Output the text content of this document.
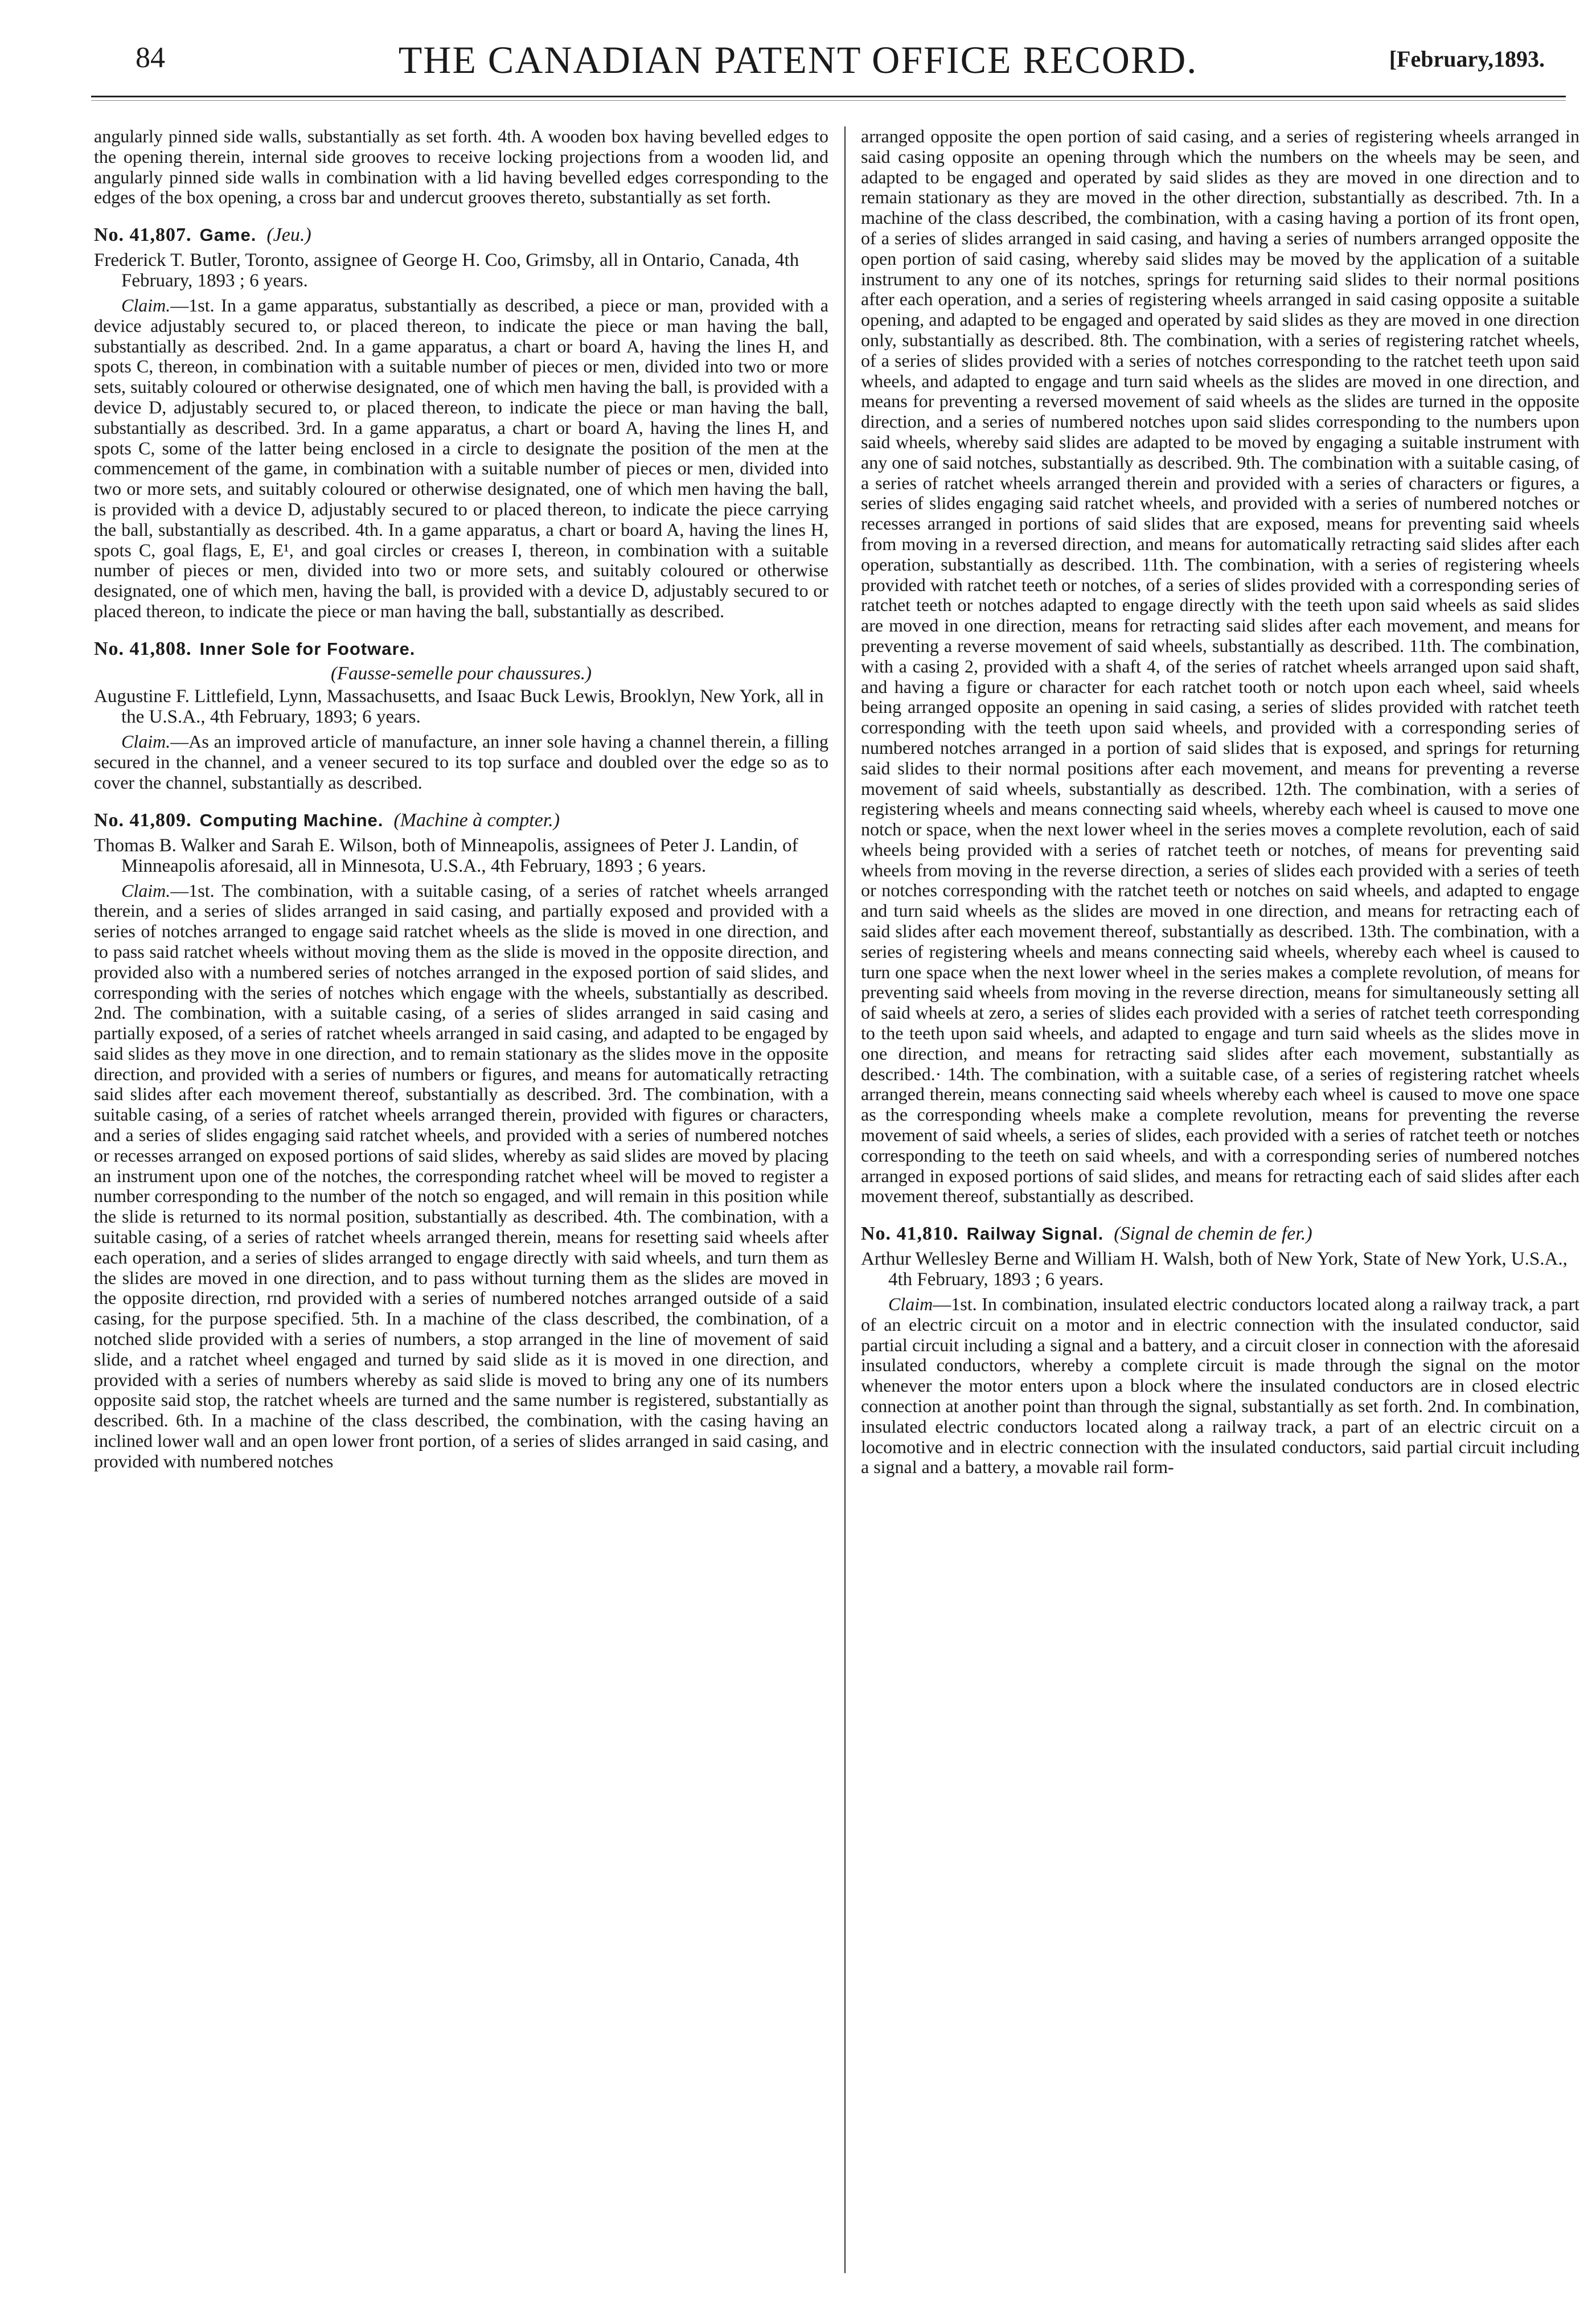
84	THE CANADIAN PATENT OFFICE RECORD.	[February,1893.

angularly pinned side walls, substantially as set forth. 4th. A wooden box having bevelled edges to the opening therein, internal side grooves to receive locking projections from a wooden lid, and angularly pinned side walls in combination with a lid having bevelled edges corresponding to the edges of the box opening, a cross bar and undercut grooves thereto, substantially as set forth.

No. 41,807. Game. (Jeu.)

Frederick T. Butler, Toronto, assignee of George H. Coo, Grimsby, all in Ontario, Canada, 4th February, 1893 ; 6 years.

Claim.—1st. In a game apparatus, substantially as described, a piece or man, provided with a device adjustably secured to, or placed thereon, to indicate the piece or man having the ball, substantially as described. 2nd. In a game apparatus, a chart or board A, having the lines H, and spots C, thereon, in combination with a suitable number of pieces or men, divided into two or more sets, suitably coloured or otherwise designated, one of which men having the ball, is provided with a device D, adjustably secured to, or placed thereon, to indicate the piece or man having the ball, substantially as described. 3rd. In a game apparatus, a chart or board A, having the lines H, and spots C, some of the latter being enclosed in a circle to designate the position of the men at the commencement of the game, in combination with a suitable number of pieces or men, divided into two or more sets, and suitably coloured or otherwise designated, one of which men having the ball, is provided with a device D, adjustably secured to or placed thereon, to indicate the piece carrying the ball, substantially as described. 4th. In a game apparatus, a chart or board A, having the lines H, spots C, goal flags, E, E¹, and goal circles or creases I, thereon, in combination with a suitable number of pieces or men, divided into two or more sets, and suitably coloured or otherwise designated, one of which men, having the ball, is provided with a device D, adjustably secured to or placed thereon, to indicate the piece or man having the ball, substantially as described.

No. 41,808. Inner Sole for Footware.
(Fausse-semelle pour chaussures.)

Augustine F. Littlefield, Lynn, Massachusetts, and Isaac Buck Lewis, Brooklyn, New York, all in the U.S.A., 4th February, 1893; 6 years.

Claim.—As an improved article of manufacture, an inner sole having a channel therein, a filling secured in the channel, and a veneer secured to its top surface and doubled over the edge so as to cover the channel, substantially as described.

No. 41,809. Computing Machine. (Machine à compter.)

Thomas B. Walker and Sarah E. Wilson, both of Minneapolis, assignees of Peter J. Landin, of Minneapolis aforesaid, all in Minnesota, U.S.A., 4th February, 1893 ; 6 years.

Claim.—1st. The combination, with a suitable casing, of a series of ratchet wheels arranged therein, and a series of slides arranged in said casing, and partially exposed and provided with a series of notches arranged to engage said ratchet wheels as the slide is moved in one direction, and to pass said ratchet wheels without moving them as the slide is moved in the opposite direction, and provided also with a numbered series of notches arranged in the exposed portion of said slides, and corresponding with the series of notches which engage with the wheels, substantially as described. 2nd. The combination, with a suitable casing, of a series of slides arranged in said casing and partially exposed, of a series of ratchet wheels arranged in said casing, and adapted to be engaged by said slides as they move in one direction, and to remain stationary as the slides move in the opposite direction, and provided with a series of numbers or figures, and means for automatically retracting said slides after each movement thereof, substantially as described. 3rd. The combination, with a suitable casing, of a series of ratchet wheels arranged therein, provided with figures or characters, and a series of slides engaging said ratchet wheels, and provided with a series of numbered notches or recesses arranged on exposed portions of said slides, whereby as said slides are moved by placing an instrument upon one of the notches, the corresponding ratchet wheel will be moved to register a number corresponding to the number of the notch so engaged, and will remain in this position while the slide is returned to its normal position, substantially as described. 4th. The combination, with a suitable casing, of a series of ratchet wheels arranged therein, means for resetting said wheels after each operation, and a series of slides arranged to engage directly with said wheels, and turn them as the slides are moved in one direction, and to pass without turning them as the slides are moved in the opposite direction, rnd provided with a series of numbered notches arranged outside of a said casing, for the purpose specified. 5th. In a machine of the class described, the combination, of a notched slide provided with a series of numbers, a stop arranged in the line of movement of said slide, and a ratchet wheel engaged and turned by said slide as it is moved in one direction, and provided with a series of numbers whereby as said slide is moved to bring any one of its numbers opposite said stop, the ratchet wheels are turned and the same number is registered, substantially as described. 6th. In a machine of the class described, the combination, with the casing having an inclined lower wall and an open lower front portion, of a series of slides arranged in said casing, and provided with numbered notches

arranged opposite the open portion of said casing, and a series of registering wheels arranged in said casing opposite an opening through which the numbers on the wheels may be seen, and adapted to be engaged and operated by said slides as they are moved in one direction and to remain stationary as they are moved in the other direction, substantially as described. 7th. In a machine of the class described, the combination, with a casing having a portion of its front open, of a series of slides arranged in said casing, and having a series of numbers arranged opposite the open portion of said casing, whereby said slides may be moved by the application of a suitable instrument to any one of its notches, springs for returning said slides to their normal positions after each operation, and a series of registering wheels arranged in said casing opposite a suitable opening, and adapted to be engaged and operated by said slides as they are moved in one direction only, substantially as described. 8th. The combination, with a series of registering ratchet wheels, of a series of slides provided with a series of notches corresponding to the ratchet teeth upon said wheels, and adapted to engage and turn said wheels as the slides are moved in one direction, and means for preventing a reversed movement of said wheels as the slides are turned in the opposite direction, and a series of numbered notches upon said slides corresponding to the numbers upon said wheels, whereby said slides are adapted to be moved by engaging a suitable instrument with any one of said notches, substantially as described. 9th. The combination with a suitable casing, of a series of ratchet wheels arranged therein and provided with a series of characters or figures, a series of slides engaging said ratchet wheels, and provided with a series of numbered notches or recesses arranged in portions of said slides that are exposed, means for preventing said wheels from moving in a reversed direction, and means for automatically retracting said slides after each operation, substantially as described. 11th. The combination, with a series of registering wheels provided with ratchet teeth or notches, of a series of slides provided with a corresponding series of ratchet teeth or notches adapted to engage directly with the teeth upon said wheels as said slides are moved in one direction, means for retracting said slides after each movement, and means for preventing a reverse movement of said wheels, substantially as described. 11th. The combination, with a casing 2, provided with a shaft 4, of the series of ratchet wheels arranged upon said shaft, and having a figure or character for each ratchet tooth or notch upon each wheel, said wheels being arranged opposite an opening in said casing, a series of slides provided with ratchet teeth corresponding with the teeth upon said wheels, and provided with a corresponding series of numbered notches arranged in a portion of said slides that is exposed, and springs for returning said slides to their normal positions after each movement, and means for preventing a reverse movement of said wheels, substantially as described. 12th. The combination, with a series of registering wheels and means connecting said wheels, whereby each wheel is caused to move one notch or space, when the next lower wheel in the series moves a complete revolution, each of said wheels being provided with a series of ratchet teeth or notches, of means for preventing said wheels from moving in the reverse direction, a series of slides each provided with a series of teeth or notches corresponding with the ratchet teeth or notches on said wheels, and adapted to engage and turn said wheels as the slides are moved in one direction, and means for retracting each of said slides after each movement thereof, substantially as described. 13th. The combination, with a series of registering wheels and means connecting said wheels, whereby each wheel is caused to turn one space when the next lower wheel in the series makes a complete revolution, of means for preventing said wheels from moving in the reverse direction, means for simultaneously setting all of said wheels at zero, a series of slides each provided with a series of ratchet teeth corresponding to the teeth upon said wheels, and adapted to engage and turn said wheels as the slides move in one direction, and means for retracting said slides after each movement, substantially as described.· 14th. The combination, with a suitable case, of a series of registering ratchet wheels arranged therein, means connecting said wheels whereby each wheel is caused to move one space as the corresponding wheels make a complete revolution, means for preventing the reverse movement of said wheels, a series of slides, each provided with a series of ratchet teeth or notches corresponding to the teeth on said wheels, and with a corresponding series of numbered notches arranged in exposed portions of said slides, and means for retracting each of said slides after each movement thereof, substantially as described.

No. 41,810. Railway Signal. (Signal de chemin de fer.)

Arthur Wellesley Berne and William H. Walsh, both of New York, State of New York, U.S.A., 4th February, 1893 ; 6 years.

Claim—1st. In combination, insulated electric conductors located along a railway track, a part of an electric circuit on a motor and in electric connection with the insulated conductor, said partial circuit including a signal and a battery, and a circuit closer in connection with the aforesaid insulated conductors, whereby a complete circuit is made through the signal on the motor whenever the motor enters upon a block where the insulated conductors are in closed electric connection at another point than through the signal, substantially as set forth. 2nd. In combination, insulated electric conductors located along a railway track, a part of an electric circuit on a locomotive and in electric connection with the insulated conductors, said partial circuit including a signal and a battery, a movable rail form-
